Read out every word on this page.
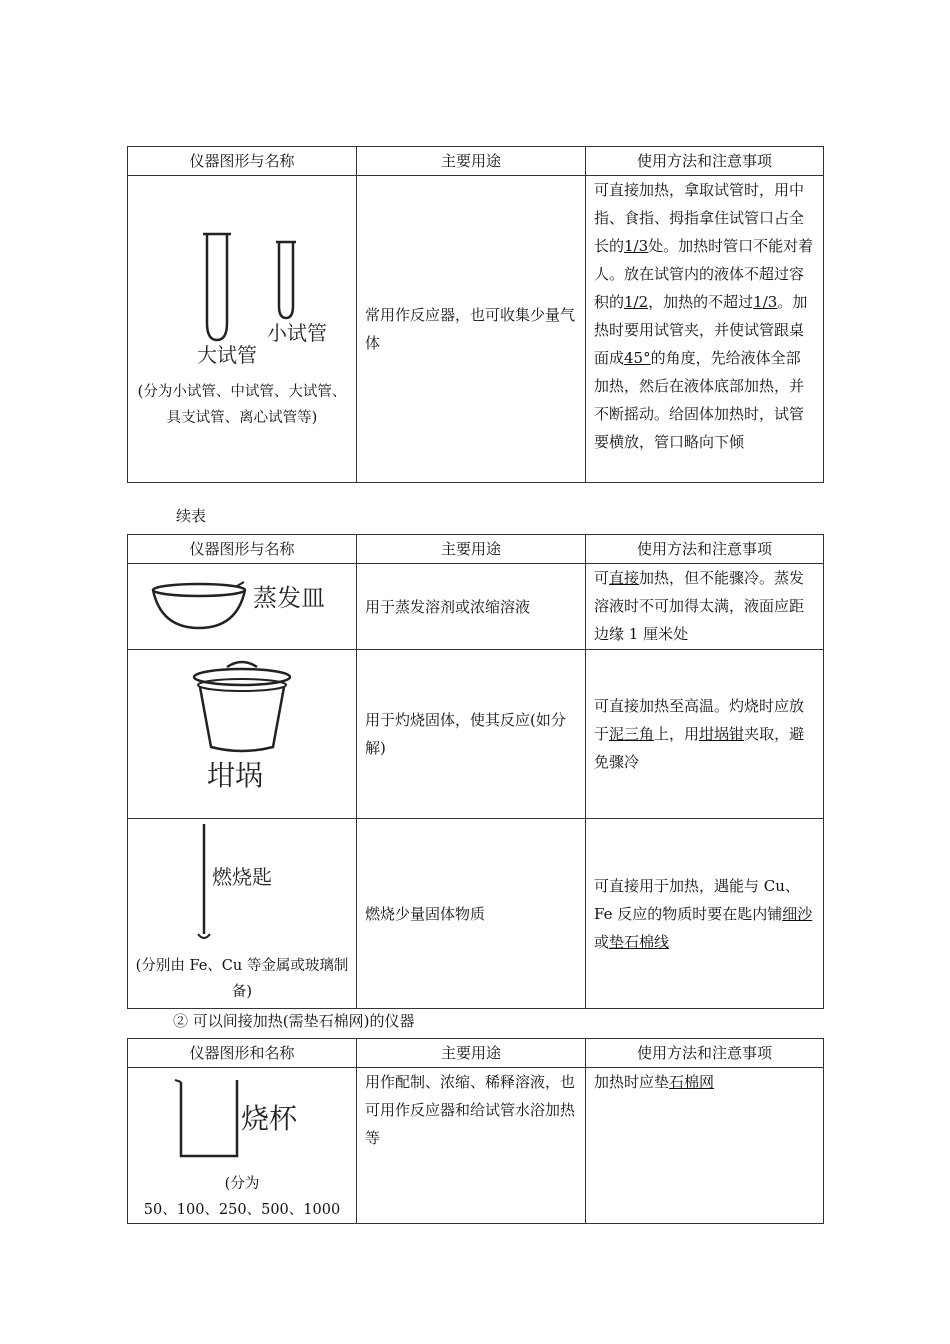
仪器图形与名称	主要用途	使用方法和注意事项

大试管
小试管
(分为小试管、中试管、大试管、具支试管、离心试管等)	常用作反应器，也可收集少量气体	可直接加热，拿取试管时，用中指、食指、拇指拿住试管口占全长的1/3处。加热时管口不能对着人。放在试管内的液体不超过容积的1/2，加热的不超过1/3。加热时要用试管夹，并使试管跟桌面成45°的角度，先给液体全部加热，然后在液体底部加热，并不断摇动。给固体加热时，试管要横放，管口略向下倾
续表
仪器图形与名称	主要用途	使用方法和注意事项

蒸发皿	用于蒸发溶剂或浓缩溶液	可直接加热，但不能骤冷。蒸发溶液时不可加得太满，液面应距边缘 1 厘米处

坩埚	用于灼烧固体，使其反应(如分解)	可直接加热至高温。灼烧时应放于泥三角上，用坩埚钳夹取，避免骤冷

燃烧匙
(分别由 Fe、Cu 等金属或玻璃制备)	燃烧少量固体物质	可直接用于加热，遇能与 Cu、Fe 反应的物质时要在匙内铺细沙或垫石棉线
② 可以间接加热(需垫石棉网)的仪器
仪器图形和名称	主要用途	使用方法和注意事项

烧杯
(分为
50、100、250、500、1000	用作配制、浓缩、稀释溶液，也可用作反应器和给试管水浴加热等	加热时应垫石棉网
